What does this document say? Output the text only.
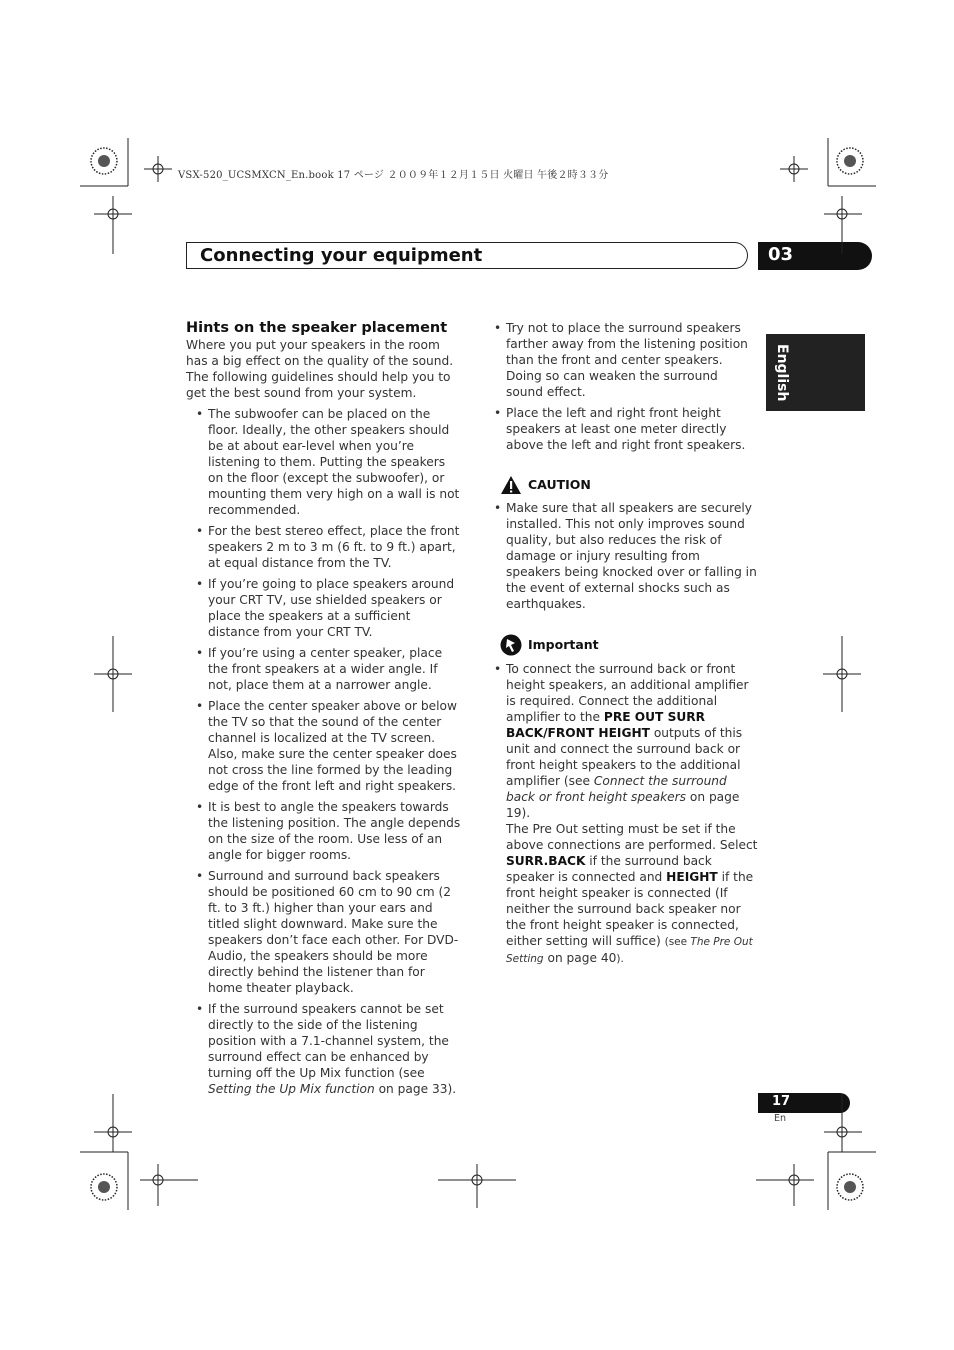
VSX-520_UCSMXCN_En.book 17 ページ ２００９年１２月１５日 火曜日 午後２時３３分
Connecting your equipment	03
English
Hints on the speaker placement
Where you put your speakers in the room has a big effect on the quality of the sound. The following guidelines should help you to get the best sound from your system.
• The subwoofer can be placed on the floor. Ideally, the other speakers should be at about ear-level when you’re listening to them. Putting the speakers on the floor (except the subwoofer), or mounting them very high on a wall is not recommended.
• For the best stereo effect, place the front speakers 2 m to 3 m (6 ft. to 9 ft.) apart, at equal distance from the TV.
• If you’re going to place speakers around your CRT TV, use shielded speakers or place the speakers at a sufficient distance from your CRT TV.
• If you’re using a center speaker, place the front speakers at a wider angle. If not, place them at a narrower angle.
• Place the center speaker above or below the TV so that the sound of the center channel is localized at the TV screen. Also, make sure the center speaker does not cross the line formed by the leading edge of the front left and right speakers.
• It is best to angle the speakers towards the listening position. The angle depends on the size of the room. Use less of an angle for bigger rooms.
• Surround and surround back speakers should be positioned 60 cm to 90 cm (2 ft. to 3 ft.) higher than your ears and titled slight downward. Make sure the speakers don’t face each other. For DVD-Audio, the speakers should be more directly behind the listener than for home theater playback.
• If the surround speakers cannot be set directly to the side of the listening position with a 7.1-channel system, the surround effect can be enhanced by turning off the Up Mix function (see Setting the Up Mix function on page 33).
• Try not to place the surround speakers farther away from the listening position than the front and center speakers. Doing so can weaken the surround sound effect.
• Place the left and right front height speakers at least one meter directly above the left and right front speakers.
CAUTION
• Make sure that all speakers are securely installed. This not only improves sound quality, but also reduces the risk of damage or injury resulting from speakers being knocked over or falling in the event of external shocks such as earthquakes.
Important
• To connect the surround back or front height speakers, an additional amplifier is required. Connect the additional amplifier to the PRE OUT SURR BACK/FRONT HEIGHT outputs of this unit and connect the surround back or front height speakers to the additional amplifier (see Connect the surround back or front height speakers on page 19).
The Pre Out setting must be set if the above connections are performed. Select SURR.BACK if the surround back speaker is connected and HEIGHT if the front height speaker is connected (If neither the surround back speaker nor the front height speaker is connected, either setting will suffice) (see The Pre Out Setting on page 40).
17
En
